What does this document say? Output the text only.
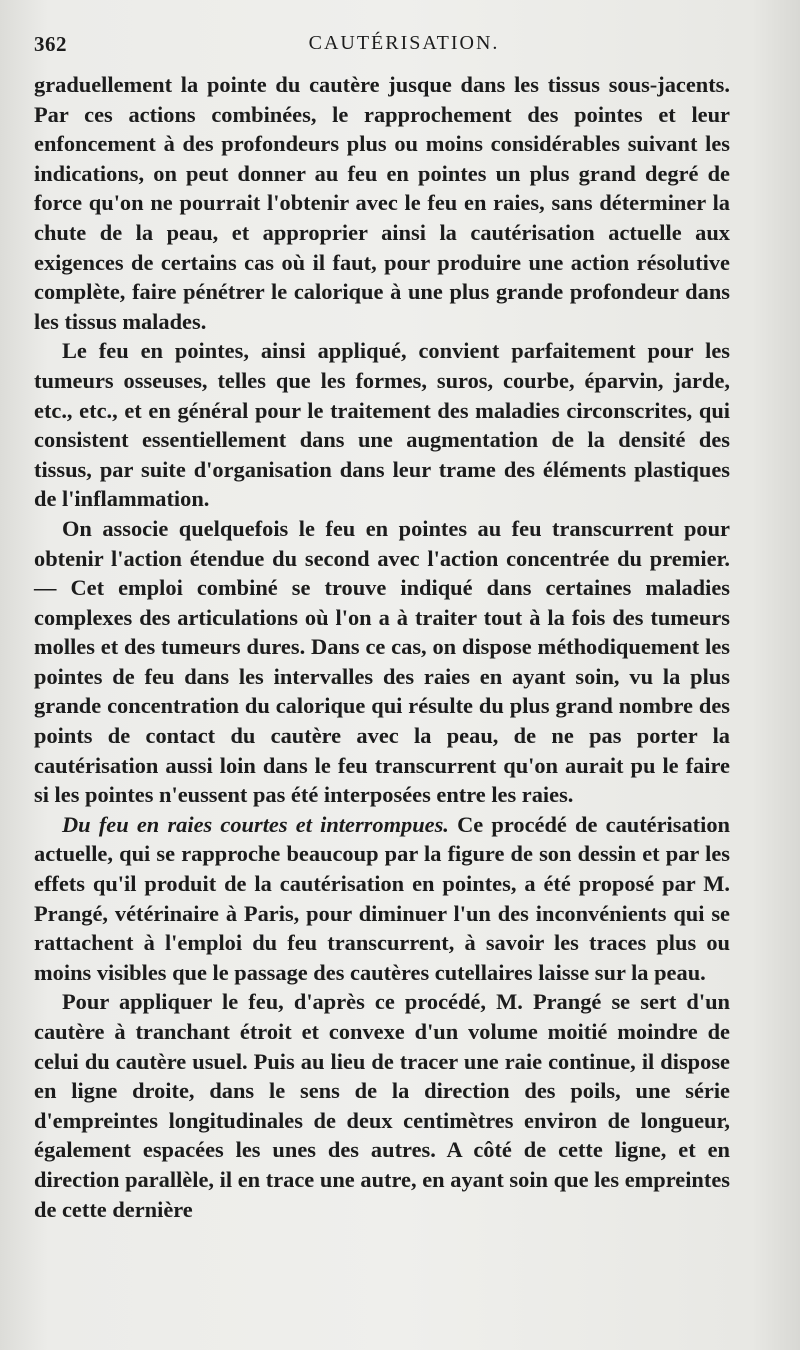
362	CAUTÉRISATION.

graduellement la pointe du cautère jusque dans les tissus sous-jacents. Par ces actions combinées, le rapprochement des pointes et leur enfoncement à des profondeurs plus ou moins considérables suivant les indications, on peut donner au feu en pointes un plus grand degré de force qu'on ne pourrait l'obtenir avec le feu en raies, sans déterminer la chute de la peau, et approprier ainsi la cautérisation actuelle aux exigences de certains cas où il faut, pour produire une action résolutive complète, faire pénétrer le calorique à une plus grande profondeur dans les tissus malades.

Le feu en pointes, ainsi appliqué, convient parfaitement pour les tumeurs osseuses, telles que les formes, suros, courbe, éparvin, jarde, etc., etc., et en général pour le traitement des maladies circonscrites, qui consistent essentiellement dans une augmentation de la densité des tissus, par suite d'organisation dans leur trame des éléments plastiques de l'inflammation.

On associe quelquefois le feu en pointes au feu transcurrent pour obtenir l'action étendue du second avec l'action concentrée du premier. — Cet emploi combiné se trouve indiqué dans certaines maladies complexes des articulations où l'on a à traiter tout à la fois des tumeurs molles et des tumeurs dures. Dans ce cas, on dispose méthodiquement les pointes de feu dans les intervalles des raies en ayant soin, vu la plus grande concentration du calorique qui résulte du plus grand nombre des points de contact du cautère avec la peau, de ne pas porter la cautérisation aussi loin dans le feu transcurrent qu'on aurait pu le faire si les pointes n'eussent pas été interposées entre les raies.

Du feu en raies courtes et interrompues. Ce procédé de cautérisation actuelle, qui se rapproche beaucoup par la figure de son dessin et par les effets qu'il produit de la cautérisation en pointes, a été proposé par M. Prangé, vétérinaire à Paris, pour diminuer l'un des inconvénients qui se rattachent à l'emploi du feu transcurrent, à savoir les traces plus ou moins visibles que le passage des cautères cutellaires laisse sur la peau.

Pour appliquer le feu, d'après ce procédé, M. Prangé se sert d'un cautère à tranchant étroit et convexe d'un volume moitié moindre de celui du cautère usuel. Puis au lieu de tracer une raie continue, il dispose en ligne droite, dans le sens de la direction des poils, une série d'empreintes longitudinales de deux centimètres environ de longueur, également espacées les unes des autres. A côté de cette ligne, et en direction parallèle, il en trace une autre, en ayant soin que les empreintes de cette dernière
